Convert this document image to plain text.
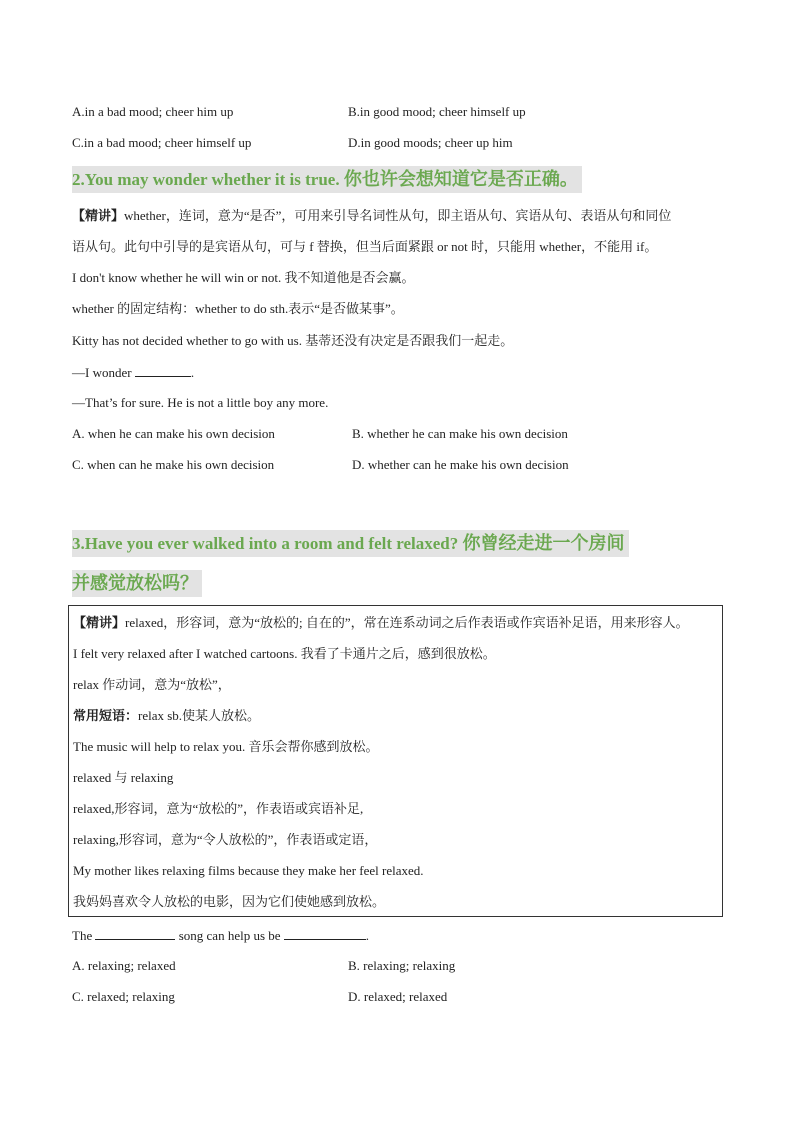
A.in a bad mood; cheer him up	B.in good mood; cheer himself up
C.in a bad mood; cheer himself up	D.in good moods; cheer up him
2.You may wonder whether it is true. 你也许会想知道它是否正确。
【精讲】whether，连词，意为“是否”，可用来引导名词性从句，即主语从句、宾语从句、表语从句和同位
语从句。此句中引导的是宾语从句，可与 f 替换，但当后面紧跟 or not 时，只能用 whether，不能用 if。
I don't know whether he will win or not. 我不知道他是否会赢。
whether 的固定结构：whether to do sth.表示“是否做某事”。
Kitty has not decided whether to go with us. 基蒂还没有决定是否跟我们一起走。
—I wonder	.
—That’s for sure. He is not a little boy any more.
A. when he can make his own decision	B. whether he can make his own decision
C. when can he make his own decision	D. whether can he make his own decision
3.Have you ever walked into a room and felt relaxed? 你曾经走进一个房间
并感觉放松吗？
【精讲】relaxed，形容词，意为“放松的; 自在的”，常在连系动词之后作表语或作宾语补足语，用来形容人。
I felt very relaxed after I watched cartoons. 我看了卡通片之后，感到很放松。
relax 作动词，意为“放松”，
常用短语：relax sb.使某人放松。
The music will help to relax you. 音乐会帮你感到放松。
relaxed 与 relaxing
relaxed,形容词，意为“放松的”，作表语或宾语补足,
relaxing,形容词，意为“令人放松的”，作表语或定语，
My mother likes relaxing films because they make her feel relaxed.
我妈妈喜欢令人放松的电影，因为它们使她感到放松。
The	song can help us be	.
A. relaxing; relaxed	B. relaxing; relaxing
C. relaxed; relaxing	D. relaxed; relaxed
